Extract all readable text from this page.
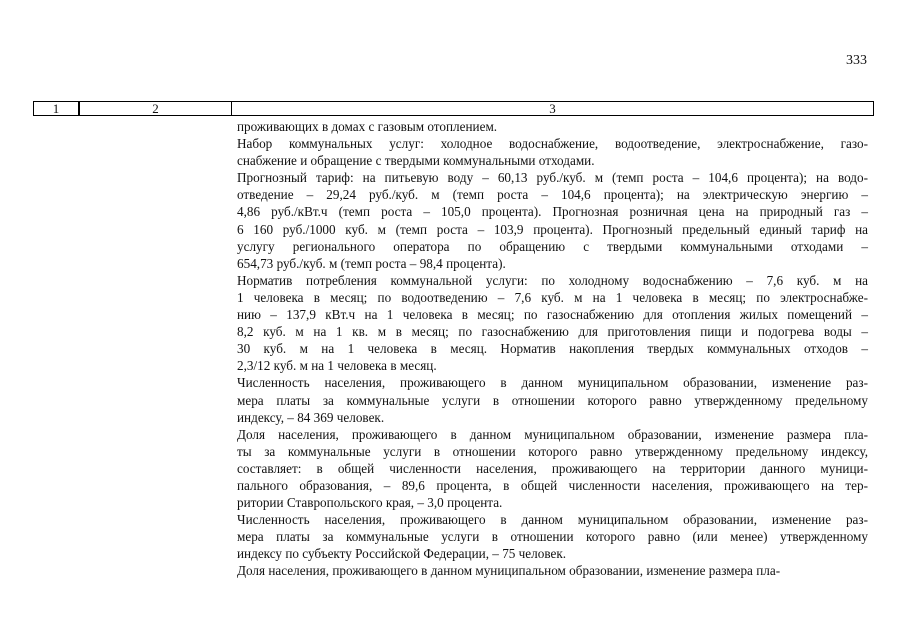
333
1	2	3
проживающих в домах с газовым отоплением.
Набор коммунальных услуг: холодное водоснабжение, водоотведение, электроснабжение, газо-
снабжение и обращение с твердыми коммунальными отходами.
Прогнозный тариф: на питьевую воду – 60,13 руб./куб. м (темп роста – 104,6 процента); на водо-
отведение – 29,24 руб./куб. м (темп роста – 104,6 процента); на электрическую энергию –
4,86 руб./кВт.ч (темп роста – 105,0 процента). Прогнозная розничная цена на природный газ –
6 160 руб./1000 куб. м (темп роста – 103,9 процента). Прогнозный предельный единый тариф на
услугу регионального оператора по обращению с твердыми коммунальными отходами –
654,73 руб./куб. м (темп роста – 98,4 процента).
Норматив потребления коммунальной услуги: по холодному водоснабжению – 7,6 куб. м на
1 человека в месяц; по водоотведению – 7,6 куб. м на 1 человека в месяц; по электроснабже-
нию – 137,9 кВт.ч на 1 человека в месяц; по газоснабжению для отопления жилых помещений –
8,2 куб. м на 1 кв. м в месяц; по газоснабжению для приготовления пищи и подогрева воды –
30 куб. м на 1 человека в месяц. Норматив накопления твердых коммунальных отходов –
2,3/12 куб. м на 1 человека в месяц.
Численность населения, проживающего в данном муниципальном образовании, изменение раз-
мера платы за коммунальные услуги в отношении которого равно утвержденному предельному
индексу, – 84 369 человек.
Доля населения, проживающего в данном муниципальном образовании, изменение размера пла-
ты за коммунальные услуги в отношении которого равно утвержденному предельному индексу,
составляет: в общей численности населения, проживающего на территории данного муници-
пального образования, – 89,6 процента, в общей численности населения, проживающего на тер-
ритории Ставропольского края, – 3,0 процента.
Численность населения, проживающего в данном муниципальном образовании, изменение раз-
мера платы за коммунальные услуги в отношении которого равно (или менее) утвержденному
индексу по субъекту Российской Федерации, – 75 человек.
Доля населения, проживающего в данном муниципальном образовании, изменение размера пла-
